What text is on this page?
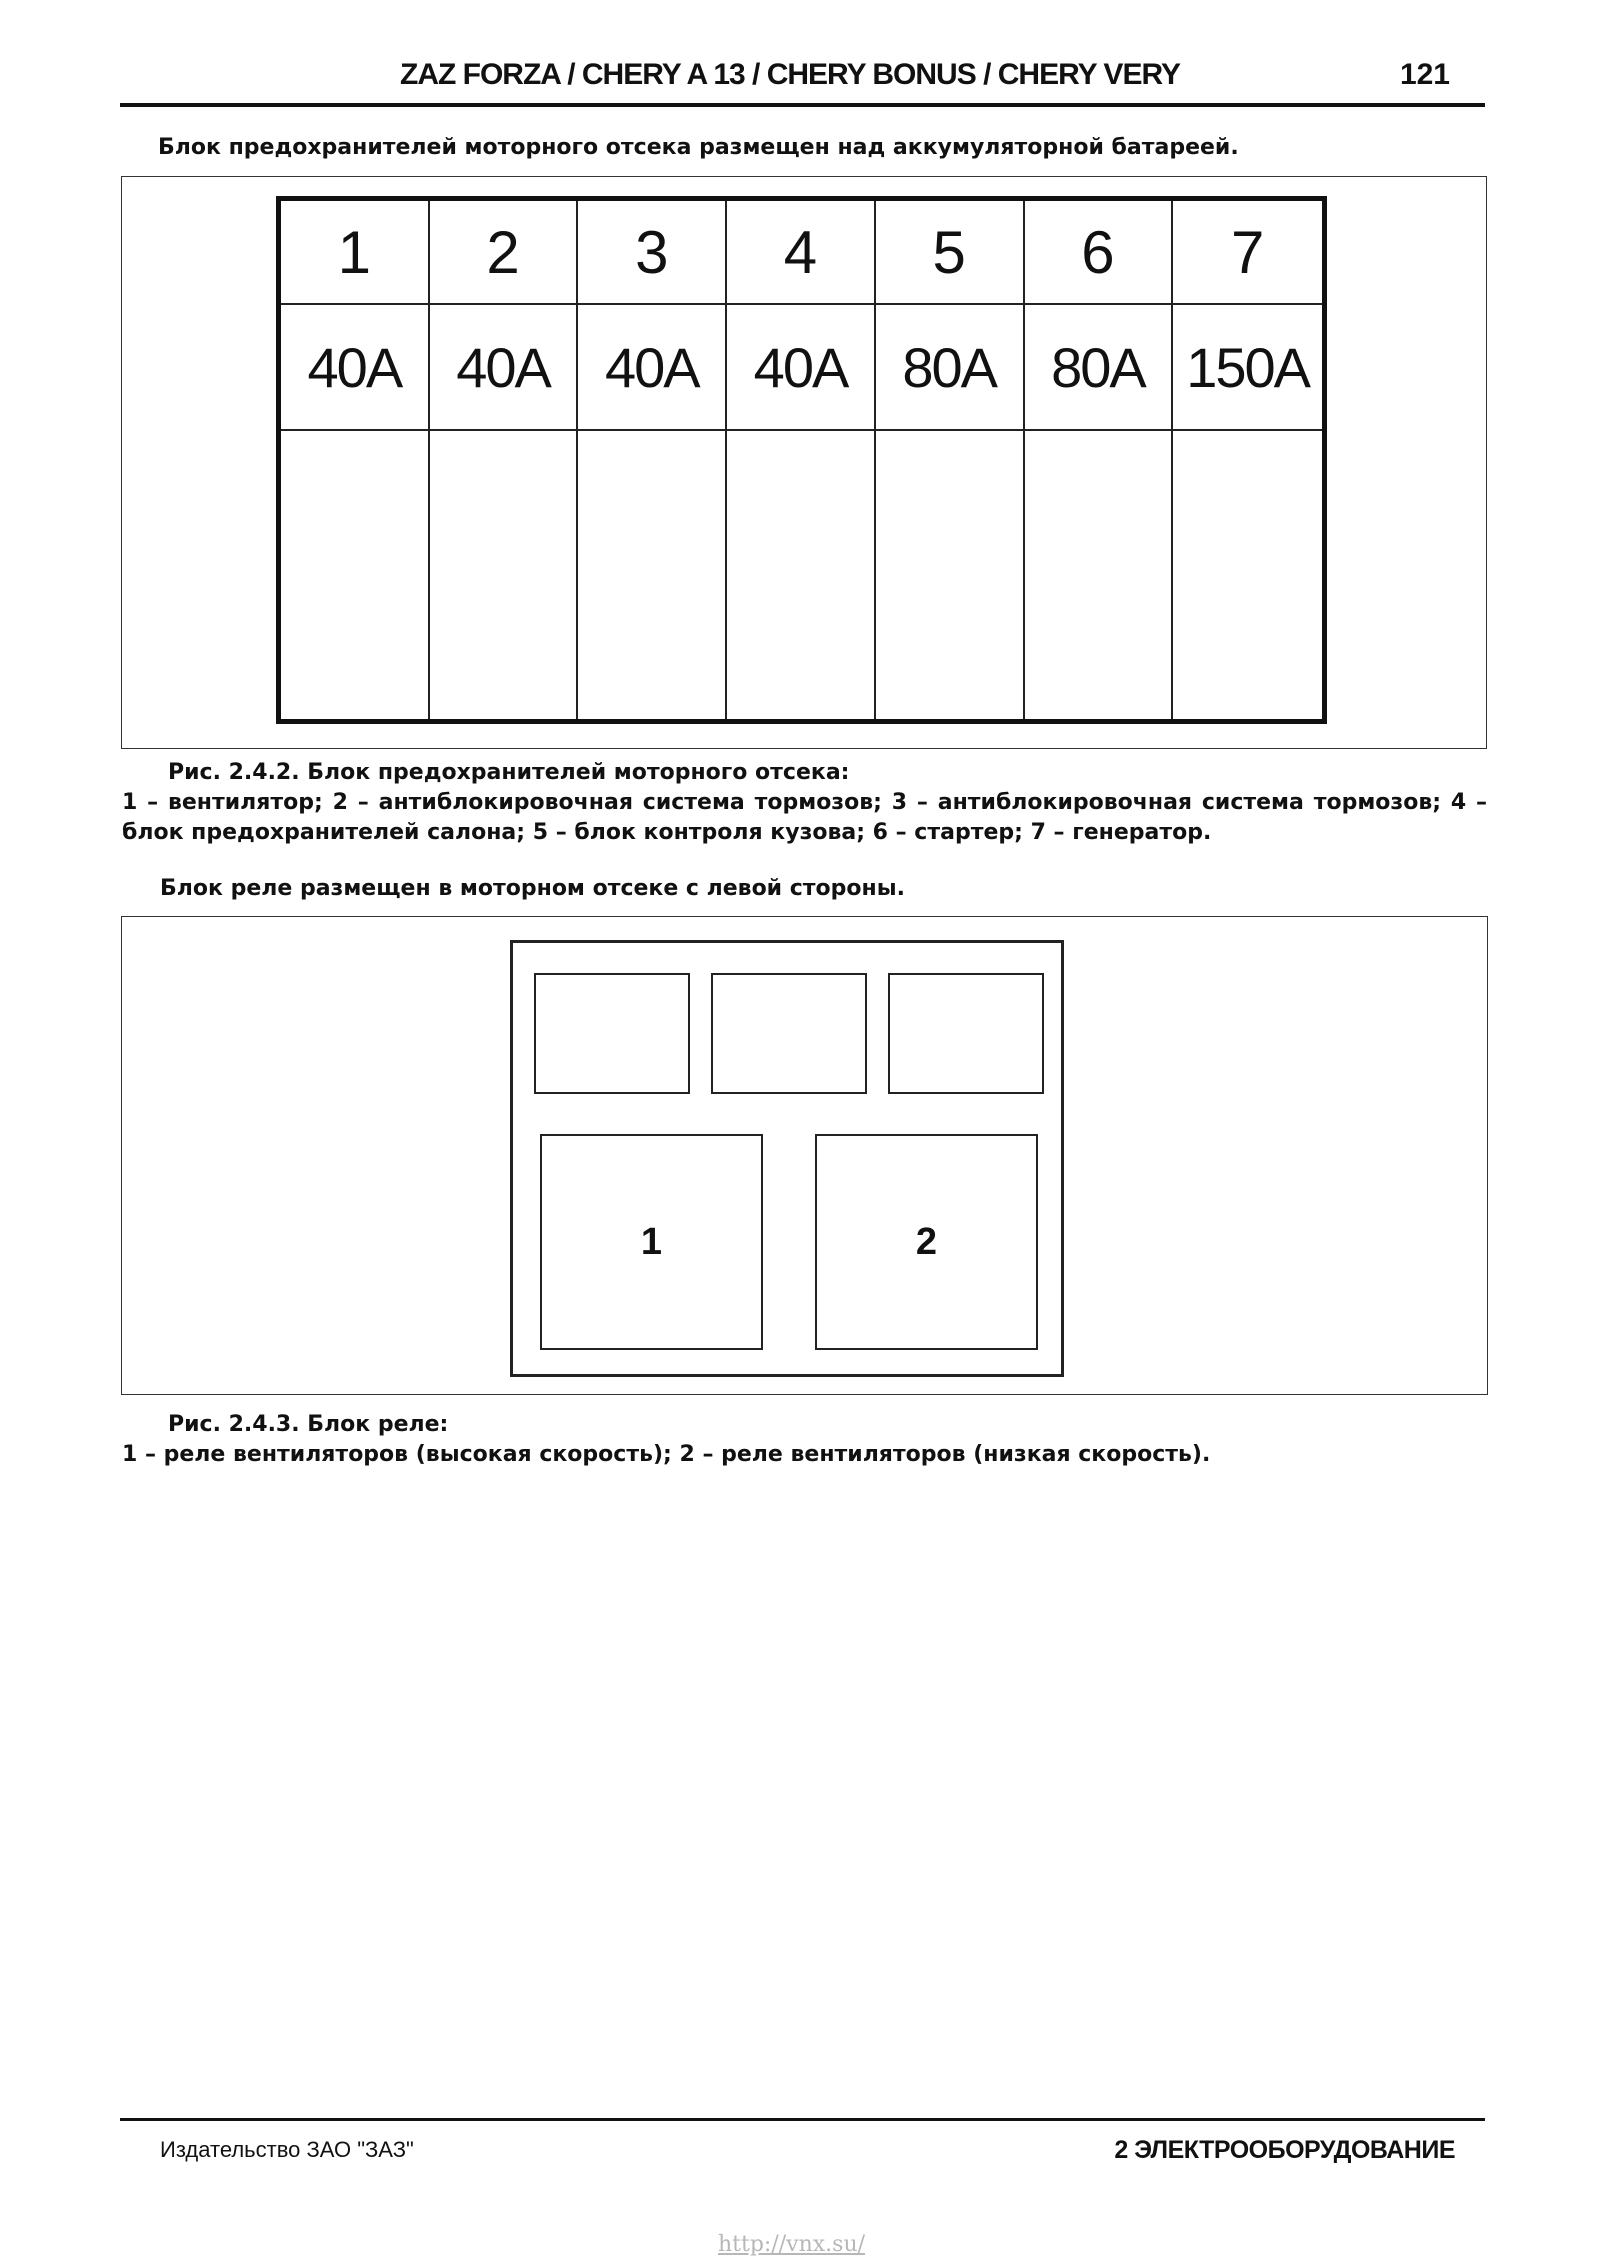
ZAZ FORZA / CHERY A 13 / CHERY BONUS / CHERY VERY	121
Блок предохранителей моторного отсека размещен над аккумуляторной батареей.
1	2	3	4	5	6	7
40A 40A 40A 40A 80A 80A 150A
Рис. 2.4.2. Блок предохранителей моторного отсека:
1 – вентилятор; 2 – антиблокировочная система тормозов; 3 – антиблокировочная система тормозов; 4 – блок предохранителей салона; 5 – блок контроля кузова; 6 – стартер; 7 – генератор.
Блок реле размещен в моторном отсеке с левой стороны.
1	2
Рис. 2.4.3. Блок реле:
1 – реле вентиляторов (высокая скорость); 2 – реле вентиляторов (низкая скорость).
Издательство ЗАО "ЗАЗ"	2 ЭЛЕКТРООБОРУДОВАНИЕ
http://vnx.su/
